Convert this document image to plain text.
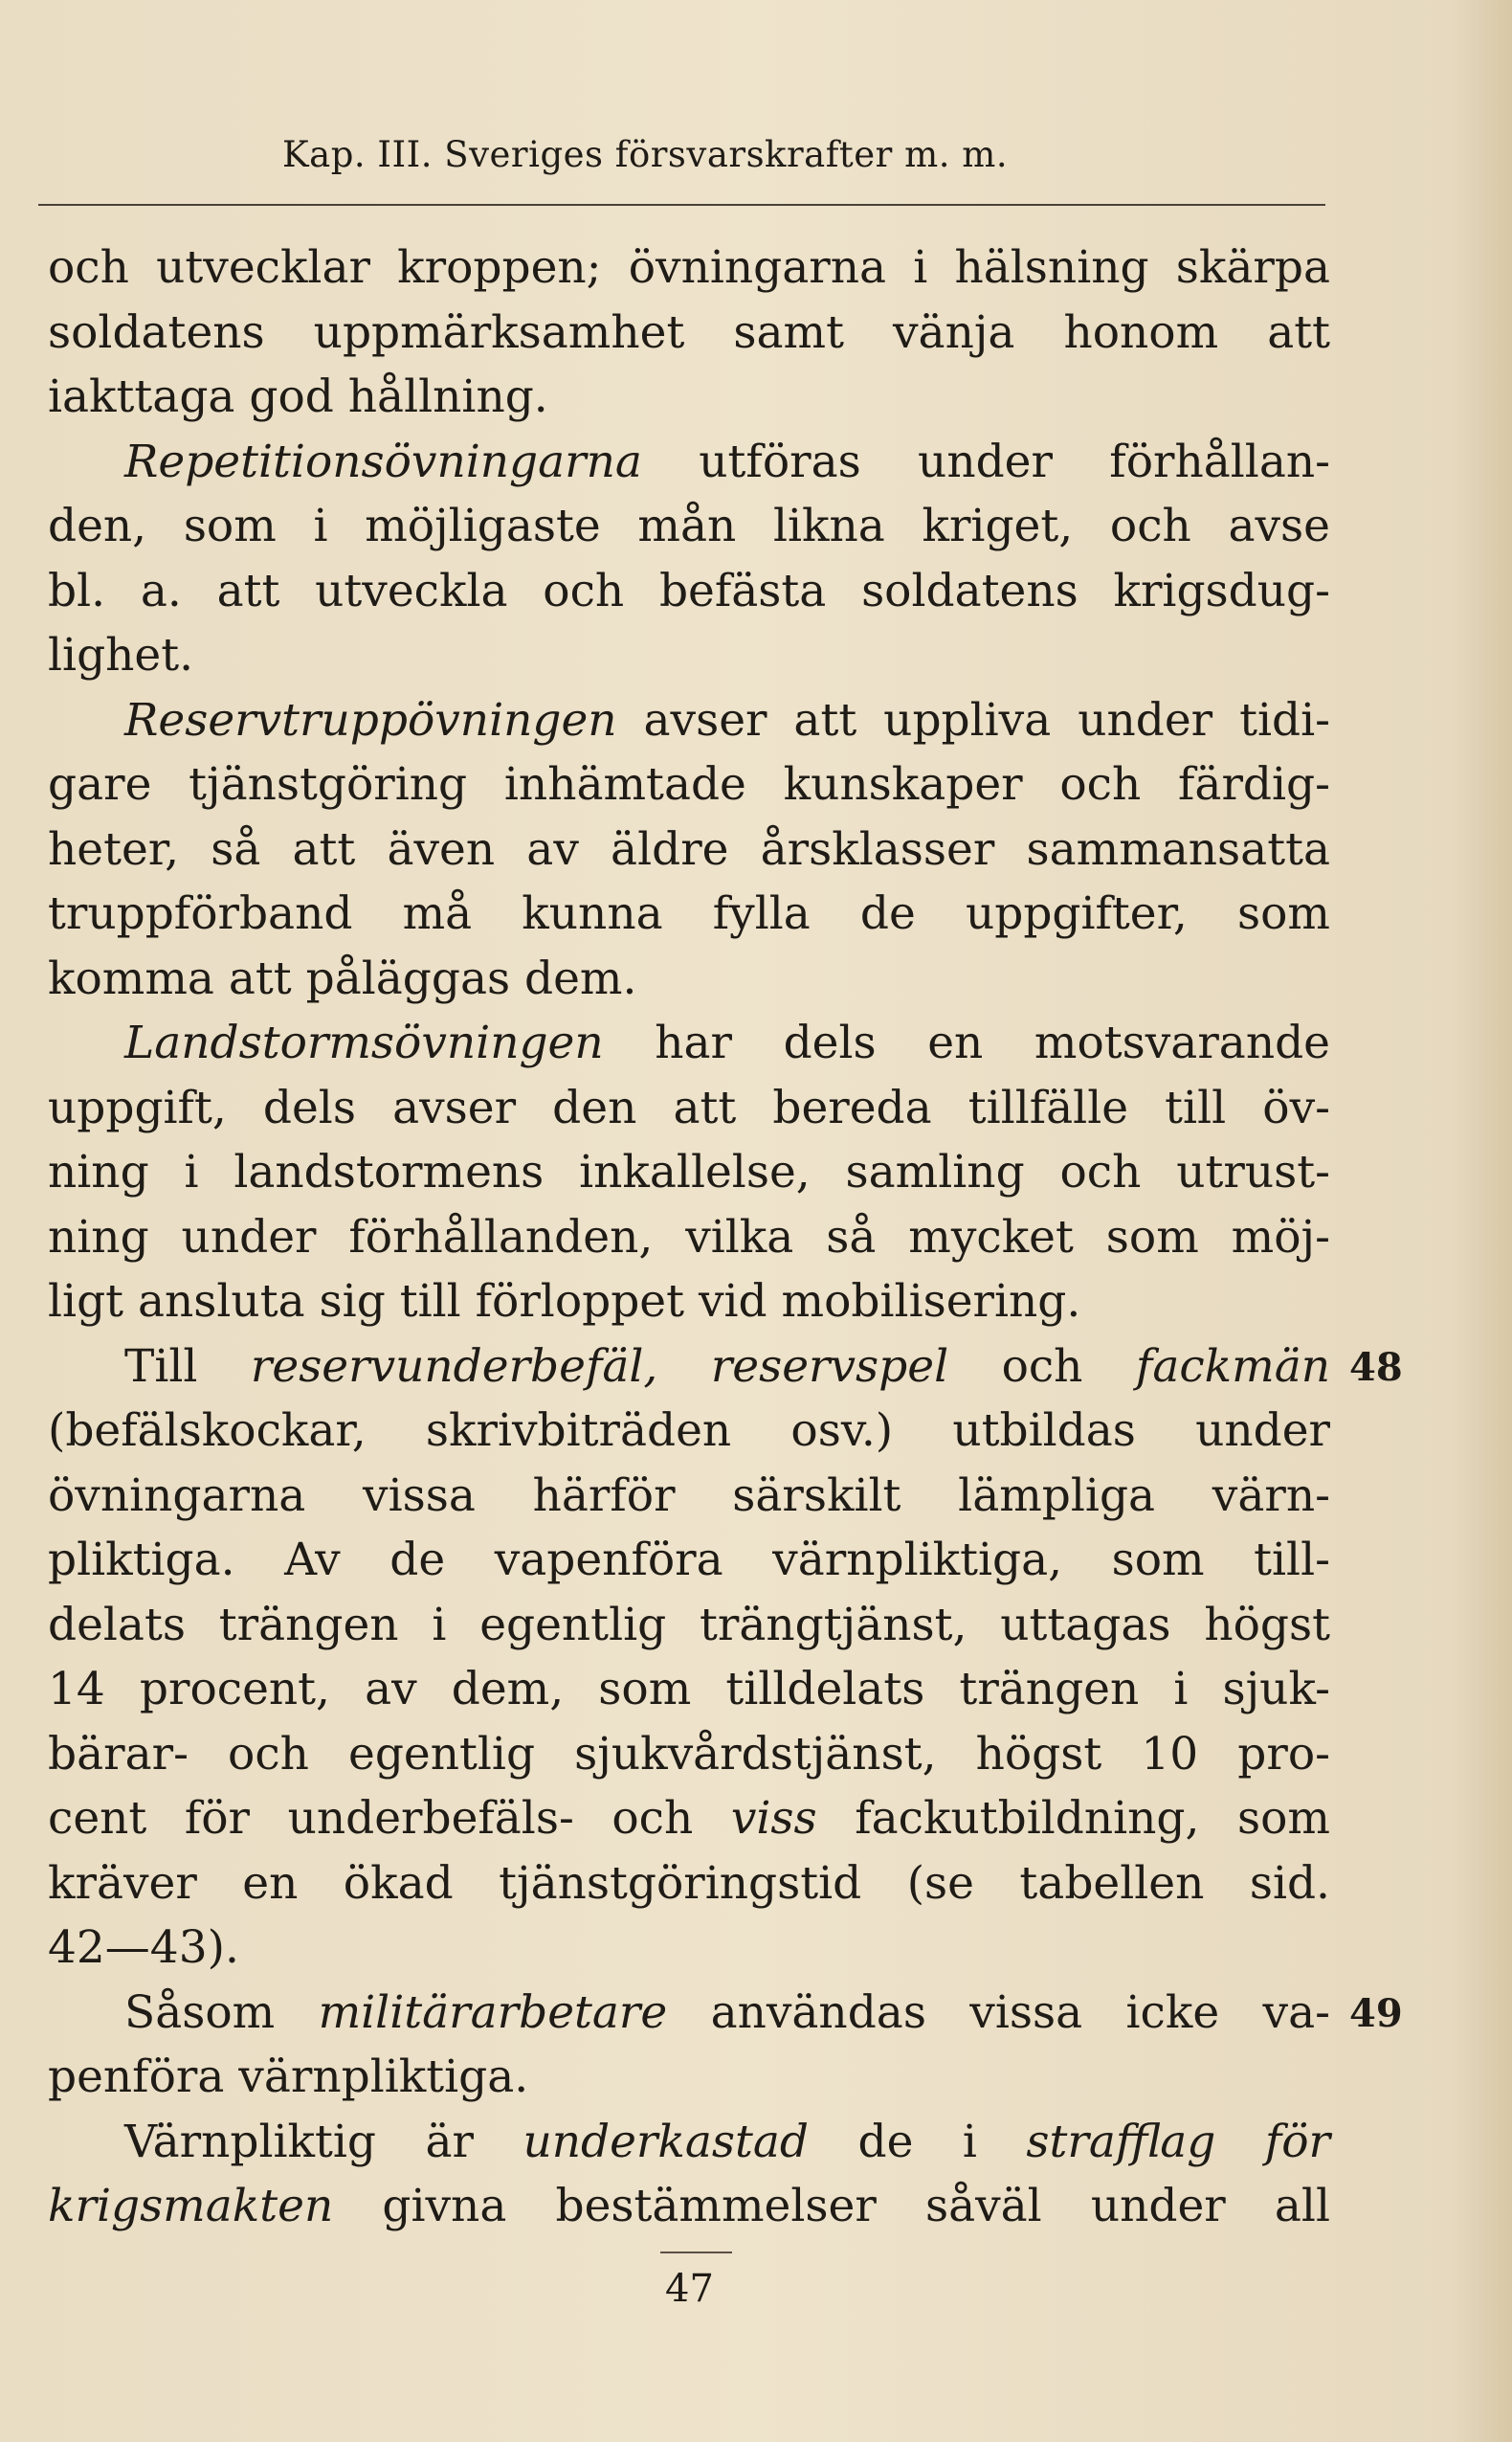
Kap. III. Sveriges försvarskrafter m. m.
och utvecklar kroppen; övningarna i hälsning skärpa
soldatens uppmärksamhet samt vänja honom att
iakttaga god hållning.
Repetitionsövningarna utföras under förhållan-
den, som i möjligaste mån likna kriget, och avse
bl. a. att utveckla och befästa soldatens krigsdug-
lighet.
Reservtruppövningen avser att uppliva under tidi-
gare tjänstgöring inhämtade kunskaper och färdig-
heter, så att även av äldre årsklasser sammansatta
truppförband må kunna fylla de uppgifter, som
komma att påläggas dem.
Landstormsövningen har dels en motsvarande
uppgift, dels avser den att bereda tillfälle till öv-
ning i landstormens inkallelse, samling och utrust-
ning under förhållanden, vilka så mycket som möj-
ligt ansluta sig till förloppet vid mobilisering.
Till reservunderbefäl, reservspel och fackmän
(befälskockar, skrivbiträden osv.) utbildas under
övningarna vissa härför särskilt lämpliga värn-
pliktiga. Av de vapenföra värnpliktiga, som till-
delats trängen i egentlig trängtjänst, uttagas högst
14 procent, av dem, som tilldelats trängen i sjuk-
bärar- och egentlig sjukvårdstjänst, högst 10 pro-
cent för underbefäls- och viss fackutbildning, som
kräver en ökad tjänstgöringstid (se tabellen sid.
42—43).
Såsom militärarbetare användas vissa icke va-
penföra värnpliktiga.
Värnpliktig är underkastad de i strafflag för
krigsmakten givna bestämmelser såväl under all
48
49
47
